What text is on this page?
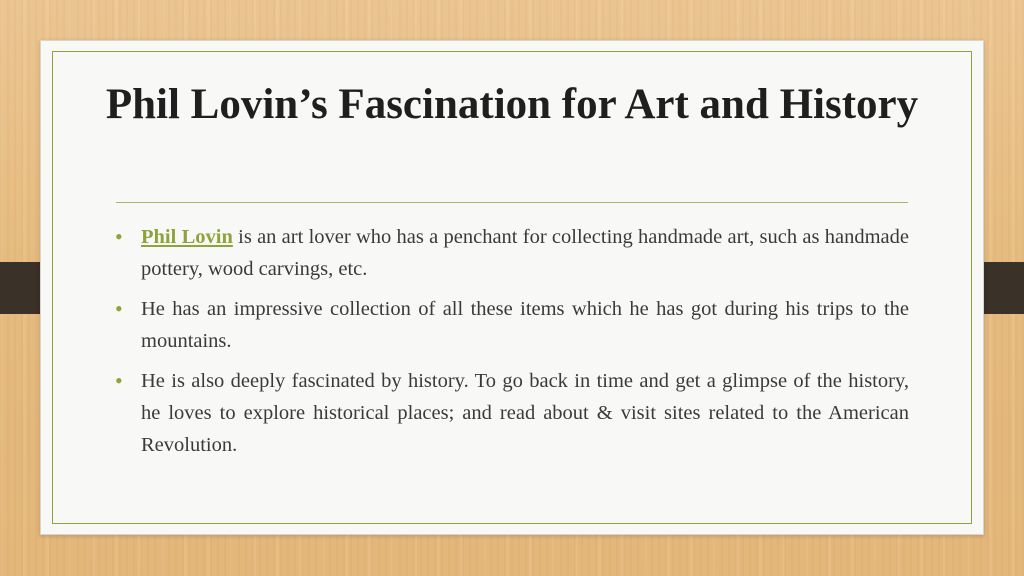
Phil Lovin’s Fascination for Art and History
• Phil Lovin is an art lover who has a penchant for collecting handmade art, such as handmade pottery, wood carvings, etc.
• He has an impressive collection of all these items which he has got during his trips to the mountains.
• He is also deeply fascinated by history. To go back in time and get a glimpse of the history, he loves to explore historical places; and read about & visit sites related to the American Revolution.
